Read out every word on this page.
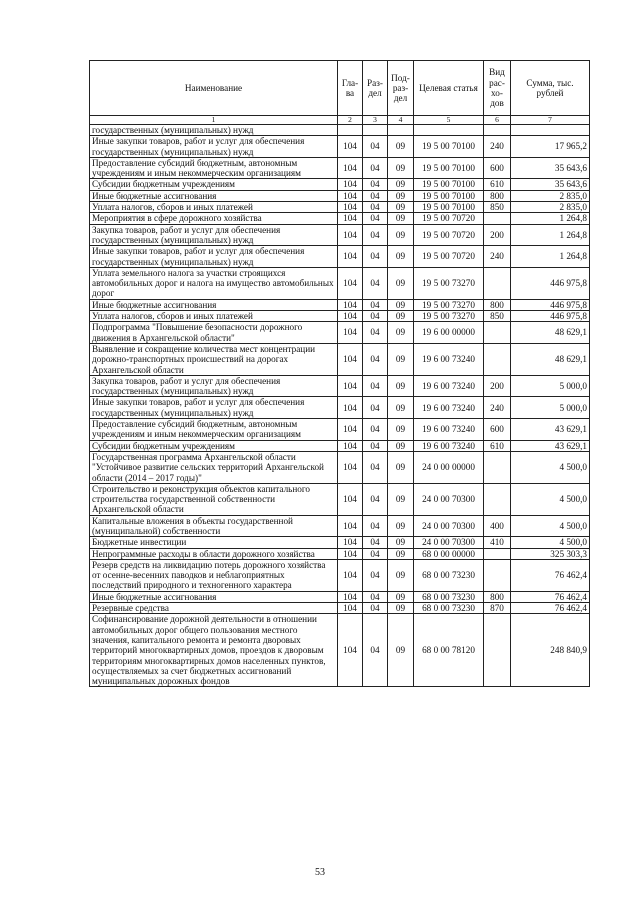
Наименование	Гла-ва	Раз-дел	Под-раз-дел	Целевая статья	Вид рас-хо-дов	Сумма, тыс. рублей
1	2	3	4	5	6	7
государственных (муниципальных) нужд						
Иные закупки товаров, работ и услуг для обеспечения государственных (муниципальных) нужд	104	04	09	19 5 00 70100	240	17 965,2
Предоставление субсидий бюджетным, автономным учреждениям и иным некоммерческим организациям	104	04	09	19 5 00 70100	600	35 643,6
Субсидии бюджетным учреждениям	104	04	09	19 5 00 70100	610	35 643,6
Иные бюджетные ассигнования	104	04	09	19 5 00 70100	800	2 835,0
Уплата налогов, сборов и иных платежей	104	04	09	19 5 00 70100	850	2 835,0
Мероприятия в сфере дорожного хозяйства	104	04	09	19 5 00 70720		1 264,8
Закупка товаров, работ и услуг для обеспечения государственных (муниципальных) нужд	104	04	09	19 5 00 70720	200	1 264,8
Иные закупки товаров, работ и услуг для обеспечения государственных (муниципальных) нужд	104	04	09	19 5 00 70720	240	1 264,8
Уплата земельного налога за участки строящихся автомобильных дорог и налога на имущество автомобильных дорог	104	04	09	19 5 00 73270		446 975,8
Иные бюджетные ассигнования	104	04	09	19 5 00 73270	800	446 975,8
Уплата налогов, сборов и иных платежей	104	04	09	19 5 00 73270	850	446 975,8
Подпрограмма "Повышение безопасности дорожного движения в Архангельской области"	104	04	09	19 6 00 00000		48 629,1
Выявление и сокращение количества мест концентрации дорожно-транспортных происшествий на дорогах Архангельской области	104	04	09	19 6 00 73240		48 629,1
Закупка товаров, работ и услуг для обеспечения государственных (муниципальных) нужд	104	04	09	19 6 00 73240	200	5 000,0
Иные закупки товаров, работ и услуг для обеспечения государственных (муниципальных) нужд	104	04	09	19 6 00 73240	240	5 000,0
Предоставление субсидий бюджетным, автономным учреждениям и иным некоммерческим организациям	104	04	09	19 6 00 73240	600	43 629,1
Субсидии бюджетным учреждениям	104	04	09	19 6 00 73240	610	43 629,1
Государственная программа Архангельской области "Устойчивое развитие сельских территорий Архангельской области (2014 – 2017 годы)"	104	04	09	24 0 00 00000		4 500,0
Строительство и реконструкция объектов капитального строительства государственной собственности Архангельской области	104	04	09	24 0 00 70300		4 500,0
Капитальные вложения в объекты государственной (муниципальной) собственности	104	04	09	24 0 00 70300	400	4 500,0
Бюджетные инвестиции	104	04	09	24 0 00 70300	410	4 500,0
Непрограммные расходы в области дорожного хозяйства	104	04	09	68 0 00 00000		325 303,3
Резерв средств на ликвидацию потерь дорожного хозяйства от осенне-весенних паводков и неблагоприятных последствий природного и техногенного характера	104	04	09	68 0 00 73230		76 462,4
Иные бюджетные ассигнования	104	04	09	68 0 00 73230	800	76 462,4
Резервные средства	104	04	09	68 0 00 73230	870	76 462,4
Софинансирование дорожной деятельности в отношении автомобильных дорог общего пользования местного значения, капитального ремонта и ремонта дворовых территорий многоквартирных домов, проездов к дворовым территориям многоквартирных домов населенных пунктов, осуществляемых за счет бюджетных ассигнований муниципальных дорожных фондов	104	04	09	68 0 00 78120		248 840,9
53
